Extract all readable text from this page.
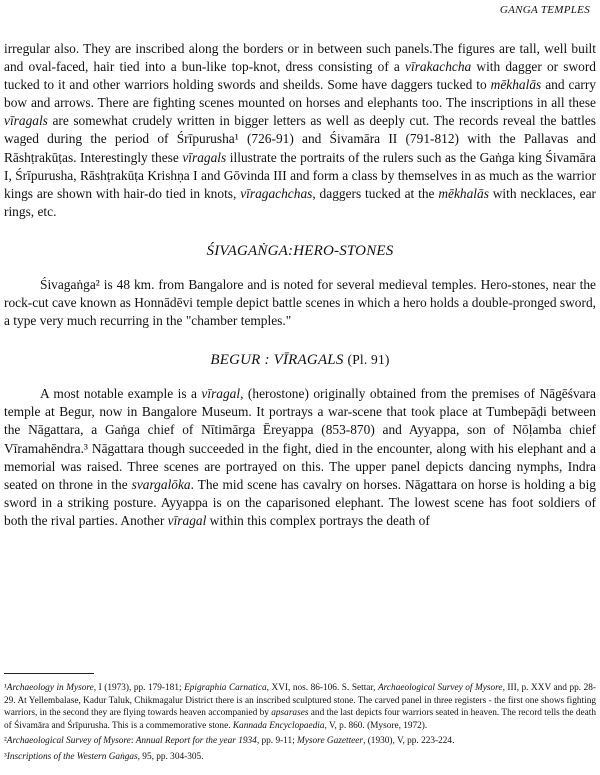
GANGA TEMPLES

irregular also. They are inscribed along the borders or in between such panels.The figures are tall, well built and oval-faced, hair tied into a bun-like top-knot, dress consisting of a vīrakachcha with dagger or sword tucked to it and other warriors holding swords and sheilds. Some have daggers tucked to mēkhalās and carry bow and arrows. There are fighting scenes mounted on horses and elephants too. The inscriptions in all these vīragals are somewhat crudely written in bigger letters as well as deeply cut. The records reveal the battles waged during the period of Śrīpurusha¹ (726-91) and Śivamāra II (791-812) with the Pallavas and Rāshṭrakūṭas. Interestingly these vīragals illustrate the portraits of the rulers such as the Gaṅga king Śivamāra I, Śrīpurusha, Rāshṭrakūṭa Krishṇa I and Gōvinda III and form a class by themselves in as much as the warrior kings are shown with hair-do tied in knots, vīragachchas, daggers tucked at the mēkhalās with necklaces, ear rings, etc.

ŚIVAGAṄGA:HERO-STONES

Śivagaṅga² is 48 km. from Bangalore and is noted for several medieval temples. Hero-stones, near the rock-cut cave known as Honnādēvi temple depict battle scenes in which a hero holds a double-pronged sword, a type very much recurring in the "chamber temples."

BEGUR : VĪRAGALS (Pl. 91)

A most notable example is a vīragal, (herostone) originally obtained from the premises of Nāgēśvara temple at Begur, now in Bangalore Museum. It portrays a war-scene that took place at Tumbepāḍi between the Nāgattara, a Gaṅga chief of Nītimārga Ēreyappa (853-870) and Ayyappa, son of Nōḷamba chief Vīramahēndra.³ Nāgattara though succeeded in the fight, died in the encounter, along with his elephant and a memorial was raised. Three scenes are portrayed on this. The upper panel depicts dancing nymphs, Indra seated on throne in the svargalōka. The mid scene has cavalry on horses. Nāgattara on horse is holding a big sword in a striking posture. Ayyappa is on the caparisoned elephant. The lowest scene has foot soldiers of both the rival parties. Another vīragal within this complex portrays the death of

¹Archaeology in Mysore, I (1973), pp. 179-181; Epigraphia Carnatica, XVI, nos. 86-106. S. Settar, Archaeological Survey of Mysore, III, p. XXV and pp. 28-29. At Yellembalase, Kadur Taluk, Chikmagalur District there is an inscribed sculptured stone. The carved panel in three registers - the first one shows fighting warriors, in the second they are flying towards heaven accompanied by apsarases and the last depicts four warriors seated in heaven. The record tells the death of Śivamāra and Śrīpurusha. This is a commemorative stone. Kannada Encyclopaedia, V, p. 860. (Mysore, 1972).

²Archaeological Survey of Mysore: Annual Report for the year 1934, pp. 9-11; Mysore Gazetteer, (1930), V, pp. 223-224.

³Inscriptions of the Western Gaṅgas, 95, pp. 304-305.
